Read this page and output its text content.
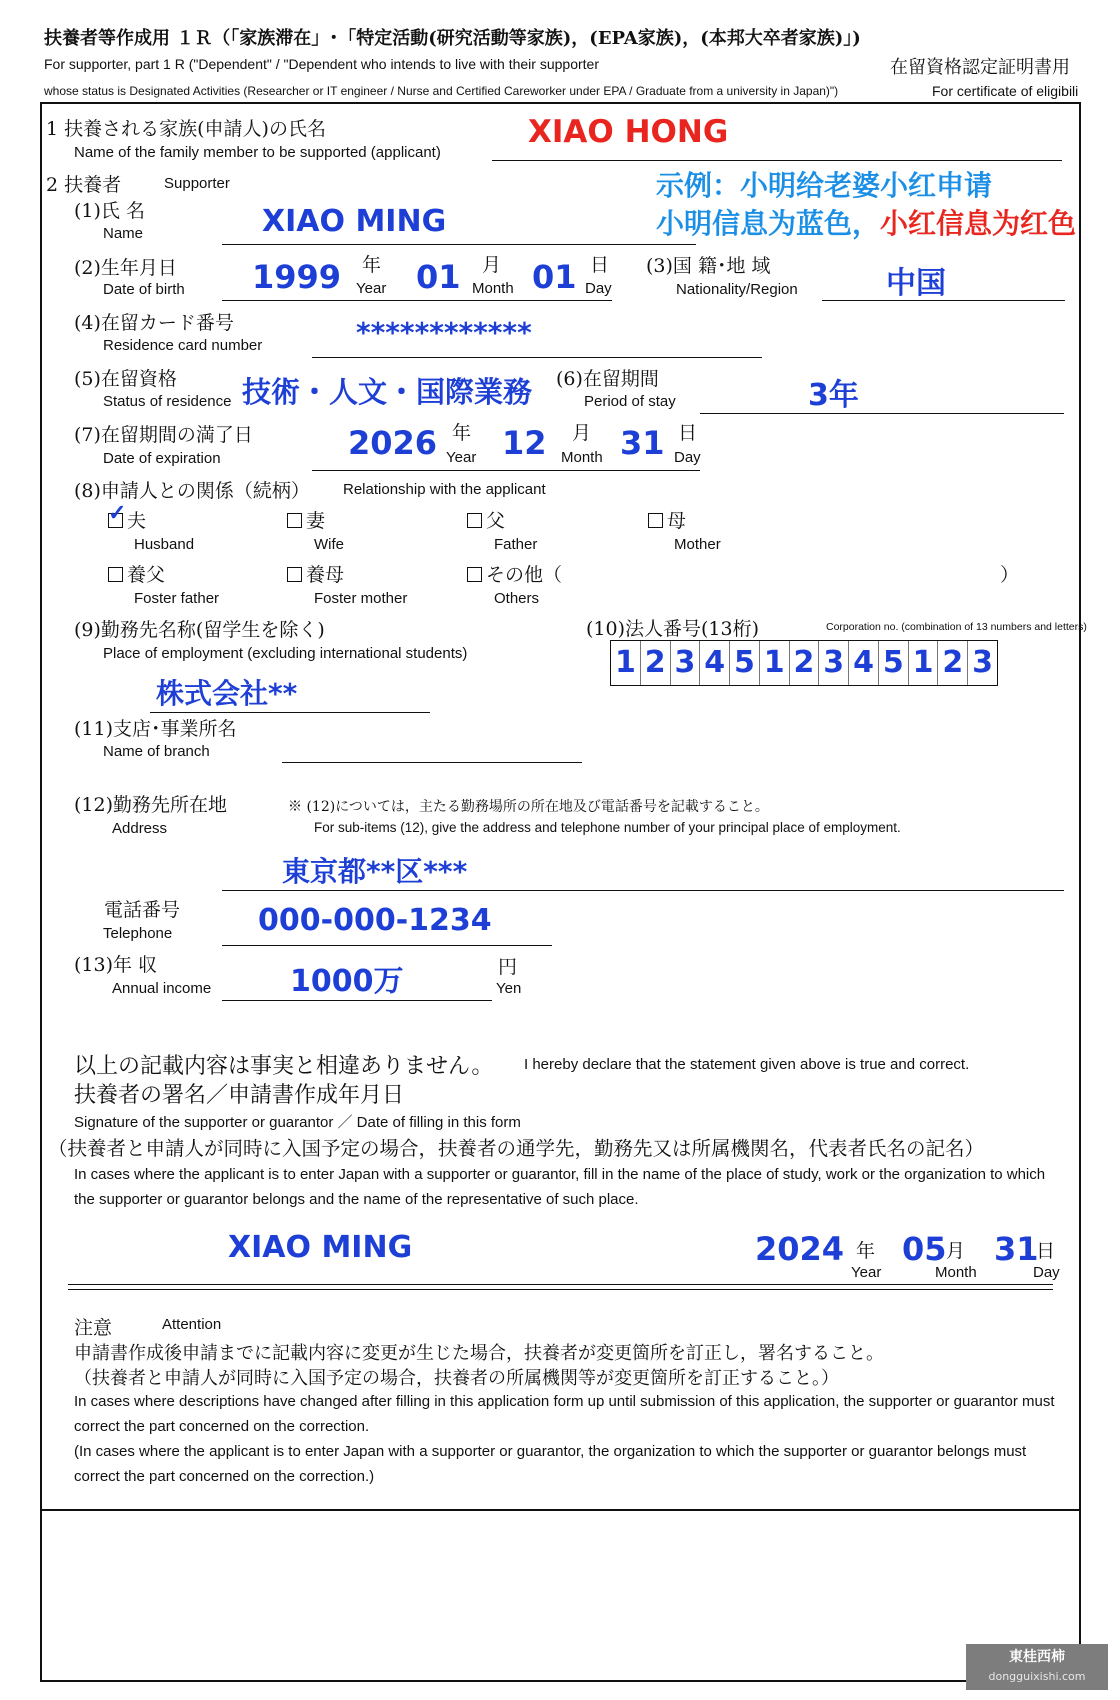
扶養者等作成用 １Ｒ（「家族滞在」･「特定活動(研究活動等家族)，(EPA家族)，(本邦大卒者家族)」)
For supporter, part 1 R ("Dependent" / "Dependent who intends to live with their supporter
whose status is Designated Activities (Researcher or IT engineer / Nurse and Certified Careworker under EPA / Graduate from a university in Japan)")
在留資格認定証明書用
For certificate of eligibili
1 扶養される家族(申請人)の氏名
Name of the family member to be supported (applicant)
XIAO HONG
示例：小明给老婆小红申请
小明信息为蓝色，小红信息为红色
2 扶養者	Supporter
(1)氏 名
Name	XIAO MING
(2)生年月日
Date of birth 1999 年
Year 01 月
Month 01 日
Day
(3)国 籍･地 域
Nationality/Region	中国
(4)在留カード番号
Residence card number	************
(5)在留資格
Status of residence 技術・人文・国際業務 (6)在留期間
Period of stay	3年
(7)在留期間の満了日
Date of expiration	2026 年
Year 12 月
Month 31 日
Day
(8)申請人との関係（続柄） Relationship with the applicant
✓ 夫
Husband
妻
Wife
父
Father
母
Mother
養父
Foster father
養母
Foster mother
その他（
Others
）
(9)勤務先名称(留学生を除く)
Place of employment (excluding international students)
株式会社**
(10)法人番号(13桁)	Corporation no. (combination of 13 numbers and letters)
1 2 3 4 5 1 2 3 4 5 1 2 3
(11)支店･事業所名
Name of branch
(12)勤務先所在地
Address
※ (12)については，主たる勤務場所の所在地及び電話番号を記載すること。
For sub-items (12), give the address and telephone number of your principal place of employment.
東京都**区***
電話番号
Telephone	000-000-1234
(13)年 収
Annual income	1000万	円
Yen
以上の記載内容は事実と相違ありません。 I hereby declare that the statement given above is true and correct.
扶養者の署名／申請書作成年月日
Signature of the supporter or guarantor ／ Date of filling in this form
（扶養者と申請人が同時に入国予定の場合，扶養者の通学先，勤務先又は所属機関名，代表者氏名の記名）
In cases where the applicant is to enter Japan with a supporter or guarantor, fill in the name of the place of study, work or the organization to which
the supporter or guarantor belongs and the name of the representative of such place.
XIAO MING	2024 年
Year
05 月
Month
31
日
Day
注意	Attention
申請書作成後申請までに記載内容に変更が生じた場合，扶養者が変更箇所を訂正し，署名すること。
（扶養者と申請人が同時に入国予定の場合，扶養者の所属機関等が変更箇所を訂正すること。）
In cases where descriptions have changed after filling in this application form up until submission of this application, the supporter or guarantor must
correct the part concerned on the correction.
(In cases where the applicant is to enter Japan with a supporter or guarantor, the organization to which the supporter or guarantor belongs must
correct the part concerned on the correction.)
東桂西柿
dongguixishi.com
